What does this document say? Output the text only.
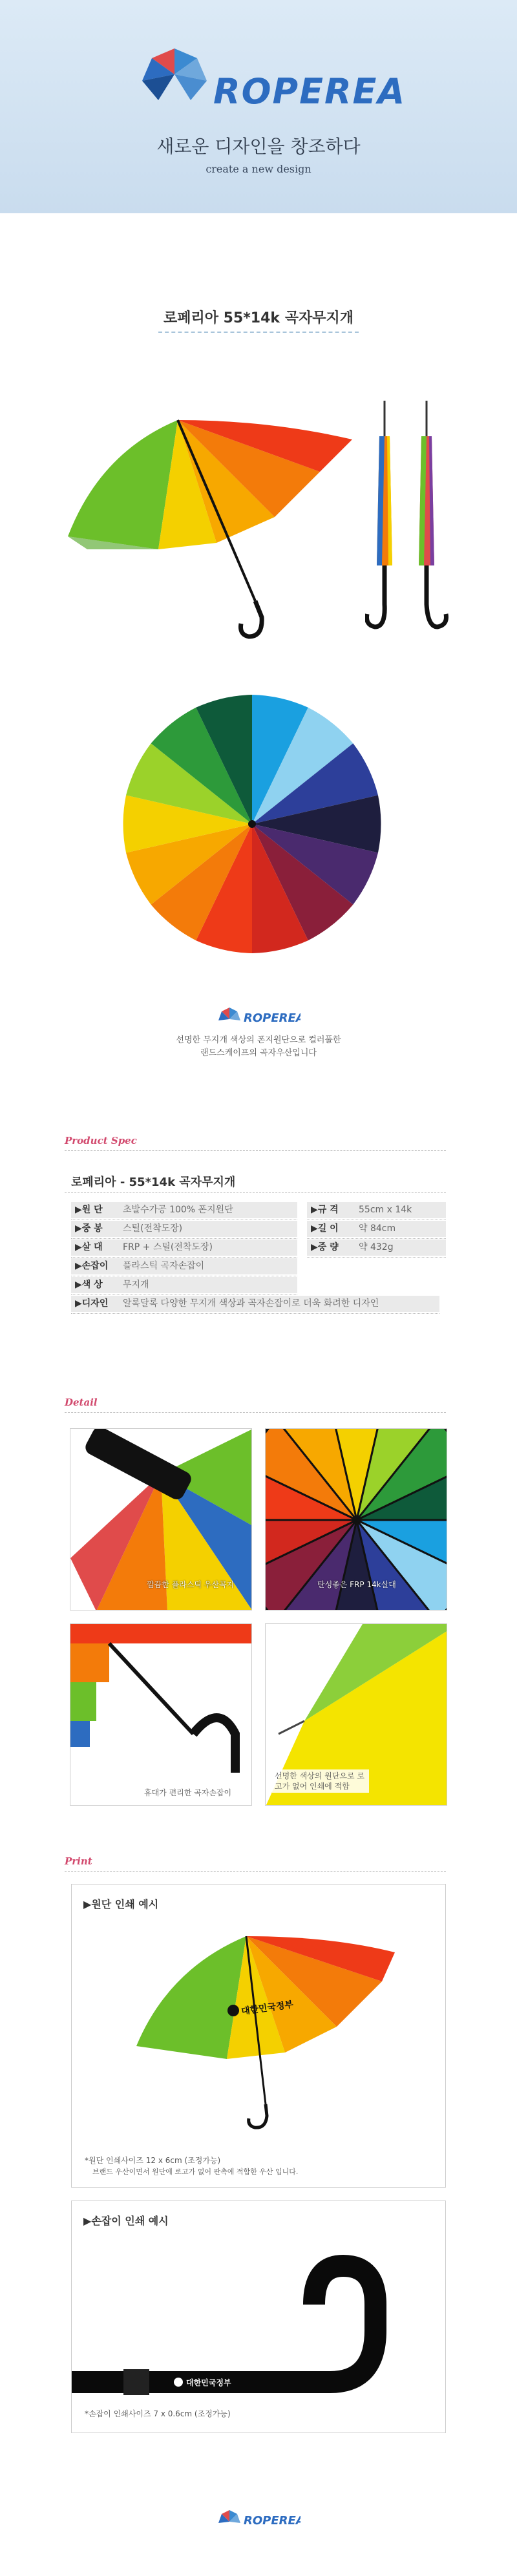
ROPEREA
새로운 디자인을 창조하다
create a new design
로페리아 55*14k 곡자무지개
ROPEREA
선명한 무지개 색상의 폰지원단으로 컬러풀한
랜드스케이프의 곡자우산입니다
Product Spec
로페리아 - 55*14k 곡자무지개
Detail
깔끔한 플라스틱 우산꼭지	탄성좋은 FRP 14k살대
휴대가 편리한 곡자손잡이
선명한 색상의 원단으로 로고가 없어 인쇄에 적합
Print
▶원단 인쇄 예시
대한민국정부
*원단 인쇄사이즈 12 x 6cm (조정가능)
브랜드 우산이면서 원단에 로고가 없어 판촉에 적합한 우산 입니다.
▶손잡이 인쇄 예시
대한민국정부
*손잡이 인쇄사이즈 7 x 0.6cm (조정가능)
ROPEREA
▶원 단 초발수가공 100% 폰지원단
▶중 봉 스틸(전착도장)
▶살 대 FRP + 스틸(전착도장)
▶손잡이 플라스틱 곡자손잡이
▶색 상 무지개
▶디자인 알록달록 다양한 무지개 색상과 곡자손잡이로 더욱 화려한 디자인
▶규 격 55cm x 14k
▶길 이 약 84cm
▶중 량 약 432g
